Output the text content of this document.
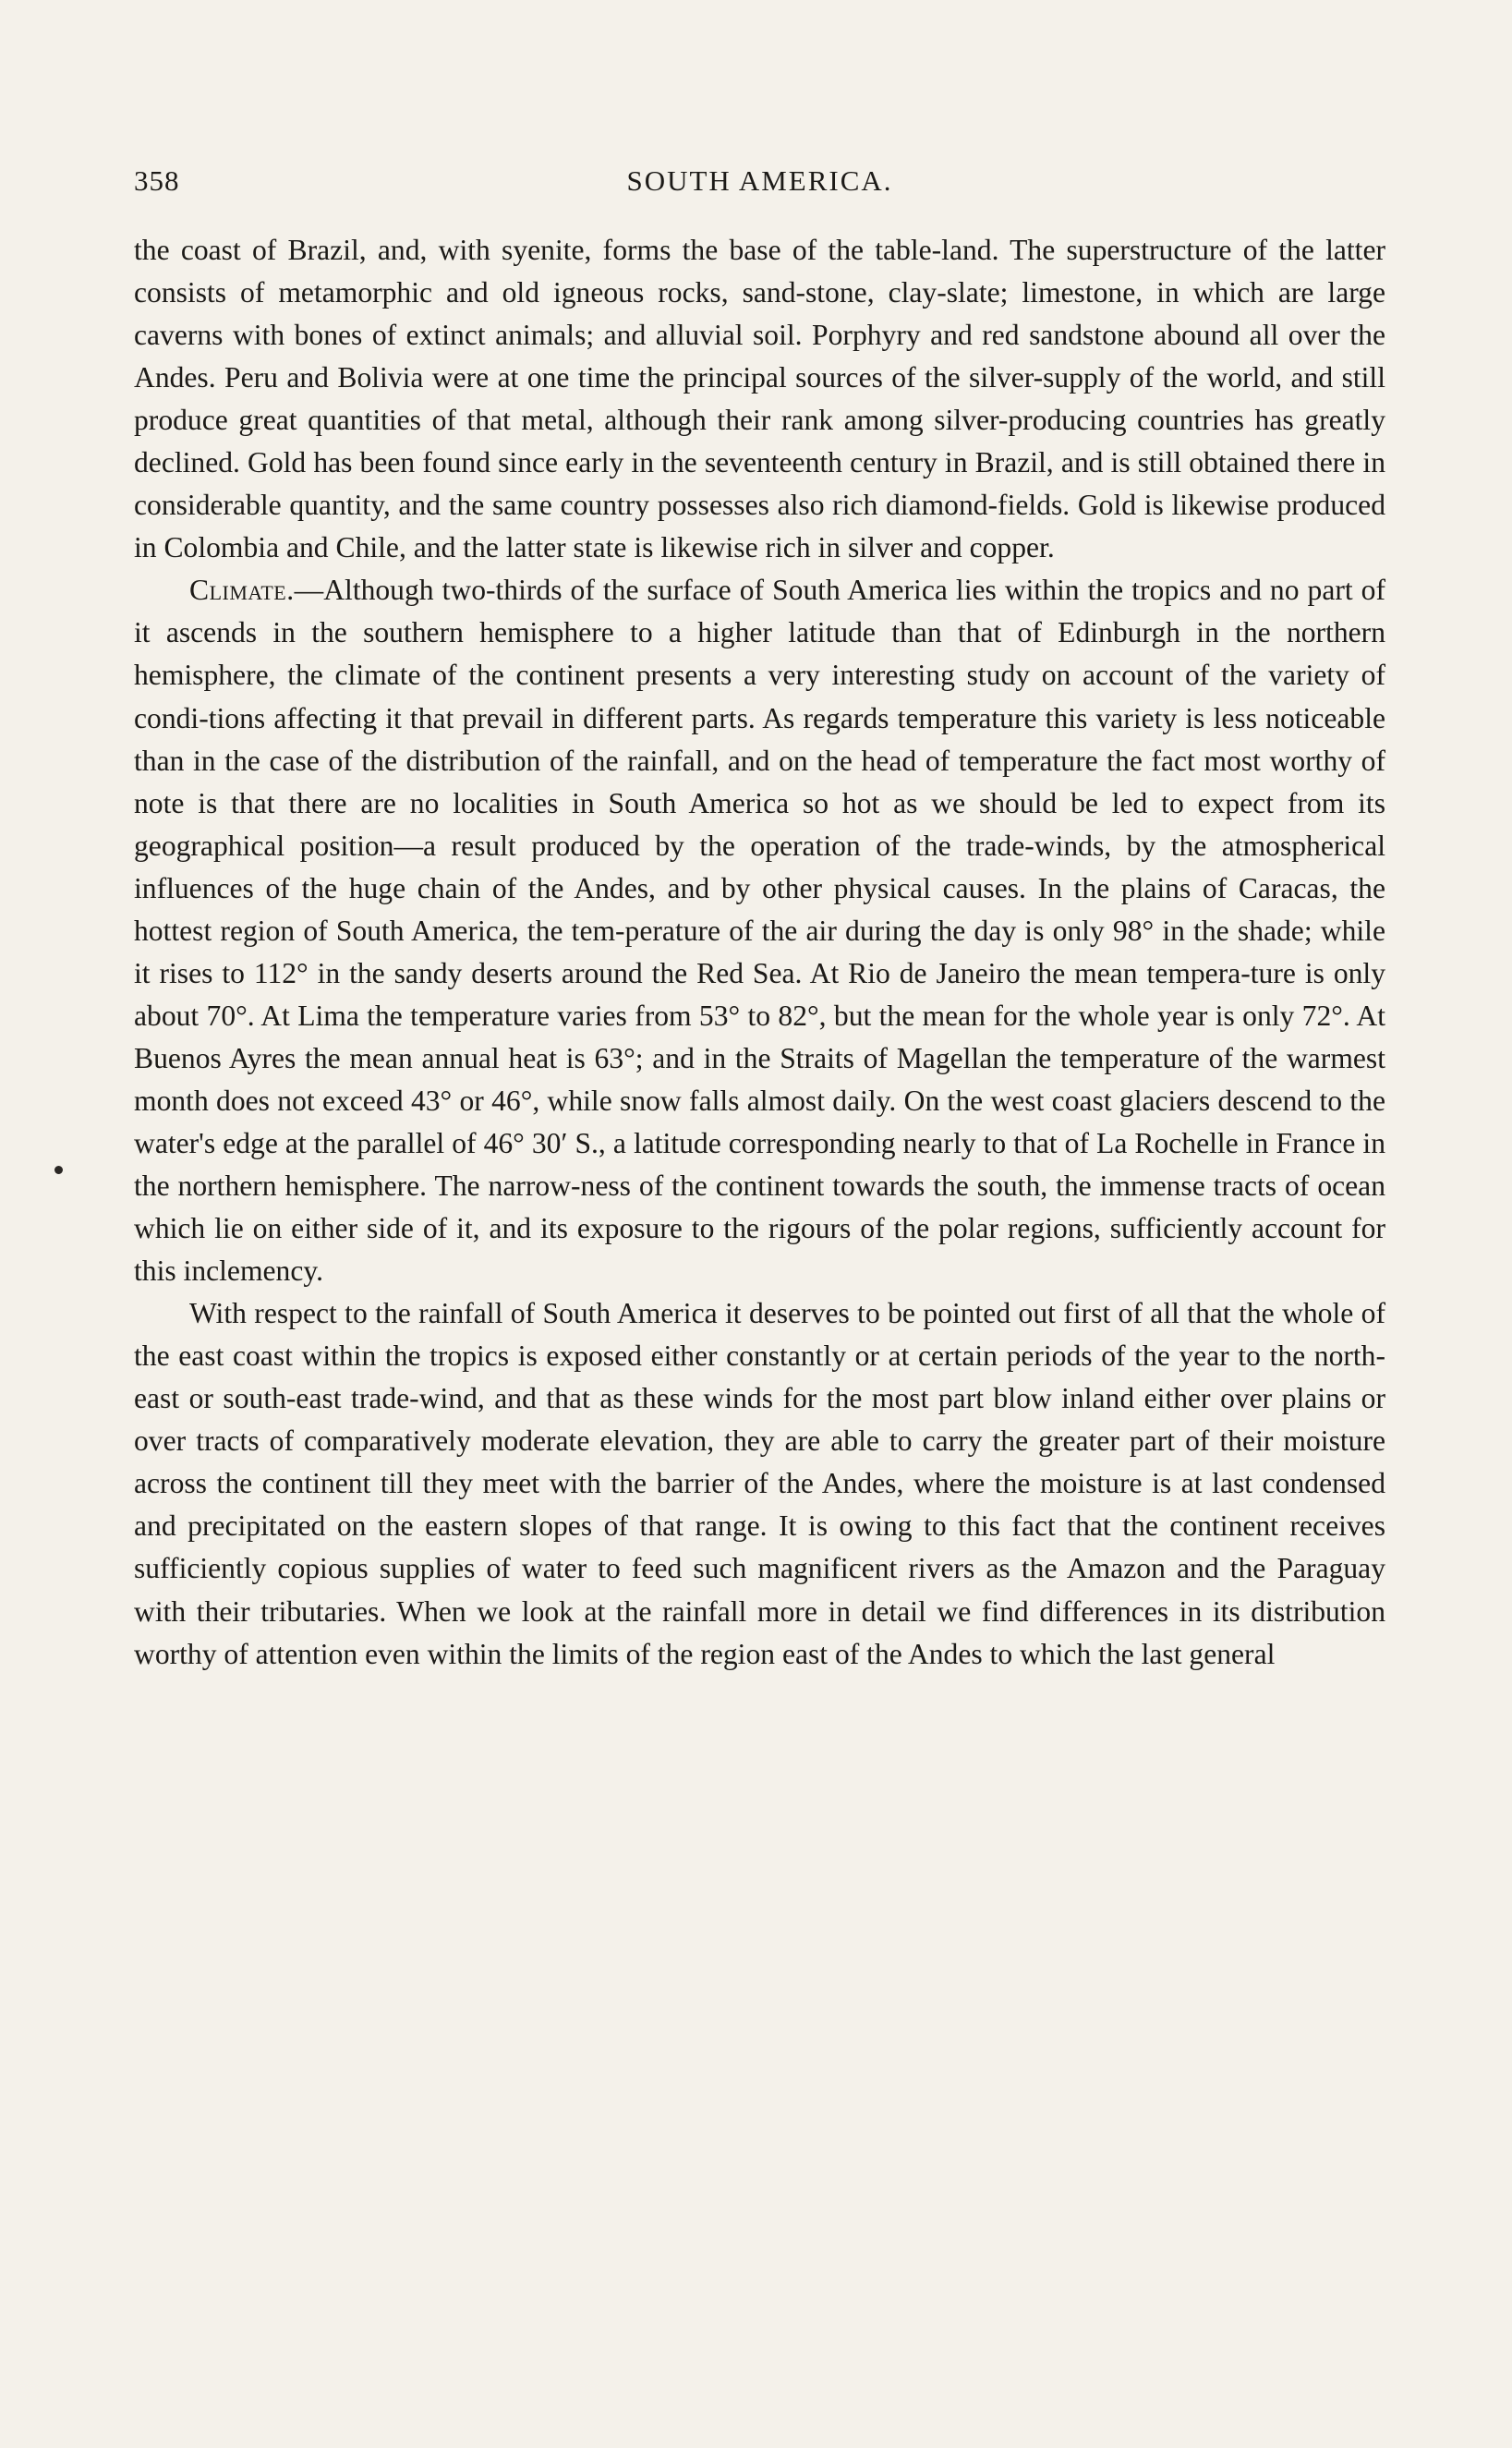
358	SOUTH AMERICA.

the coast of Brazil, and, with syenite, forms the base of the table-land. The superstructure of the latter consists of metamorphic and old igneous rocks, sand-stone, clay-slate; limestone, in which are large caverns with bones of extinct animals; and alluvial soil. Porphyry and red sandstone abound all over the Andes. Peru and Bolivia were at one time the principal sources of the silver-supply of the world, and still produce great quantities of that metal, although their rank among silver-producing countries has greatly declined. Gold has been found since early in the seventeenth century in Brazil, and is still obtained there in considerable quantity, and the same country possesses also rich diamond-fields. Gold is likewise produced in Colombia and Chile, and the latter state is likewise rich in silver and copper.

Climate.—Although two-thirds of the surface of South America lies within the tropics and no part of it ascends in the southern hemisphere to a higher latitude than that of Edinburgh in the northern hemisphere, the climate of the continent presents a very interesting study on account of the variety of condi-tions affecting it that prevail in different parts. As regards temperature this variety is less noticeable than in the case of the distribution of the rainfall, and on the head of temperature the fact most worthy of note is that there are no localities in South America so hot as we should be led to expect from its geographical position—a result produced by the operation of the trade-winds, by the atmospherical influences of the huge chain of the Andes, and by other physical causes. In the plains of Caracas, the hottest region of South America, the tem-perature of the air during the day is only 98° in the shade; while it rises to 112° in the sandy deserts around the Red Sea. At Rio de Janeiro the mean tempera-ture is only about 70°. At Lima the temperature varies from 53° to 82°, but the mean for the whole year is only 72°. At Buenos Ayres the mean annual heat is 63°; and in the Straits of Magellan the temperature of the warmest month does not exceed 43° or 46°, while snow falls almost daily. On the west coast glaciers descend to the water's edge at the parallel of 46° 30′ S., a latitude corresponding nearly to that of La Rochelle in France in the northern hemisphere. The narrow-ness of the continent towards the south, the immense tracts of ocean which lie on either side of it, and its exposure to the rigours of the polar regions, sufficiently account for this inclemency.

With respect to the rainfall of South America it deserves to be pointed out first of all that the whole of the east coast within the tropics is exposed either constantly or at certain periods of the year to the north-east or south-east trade-wind, and that as these winds for the most part blow inland either over plains or over tracts of comparatively moderate elevation, they are able to carry the greater part of their moisture across the continent till they meet with the barrier of the Andes, where the moisture is at last condensed and precipitated on the eastern slopes of that range. It is owing to this fact that the continent receives sufficiently copious supplies of water to feed such magnificent rivers as the Amazon and the Paraguay with their tributaries. When we look at the rainfall more in detail we find differences in its distribution worthy of attention even within the limits of the region east of the Andes to which the last general
